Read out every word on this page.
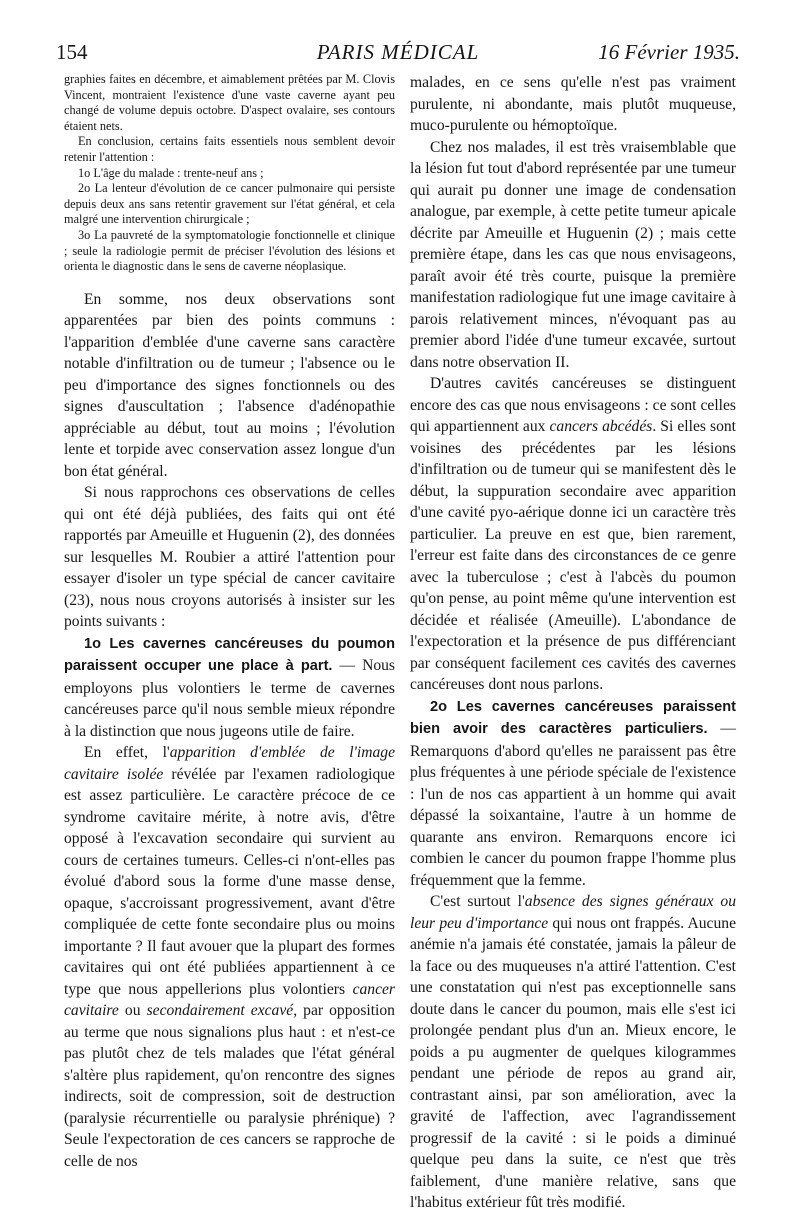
154	PARIS MÉDICAL	16 Février 1935.

graphies faites en décembre, et aimablement prêtées par M. Clovis Vincent, montraient l'existence d'une vaste caverne ayant peu changé de volume depuis octobre. D'aspect ovalaire, ses contours étaient nets.

En conclusion, certains faits essentiels nous semblent devoir retenir l'attention :

1o L'âge du malade : trente-neuf ans ;

2o La lenteur d'évolution de ce cancer pulmonaire qui persiste depuis deux ans sans retentir gravement sur l'état général, et cela malgré une intervention chirurgicale ;

3o La pauvreté de la symptomatologie fonctionnelle et clinique ; seule la radiologie permit de préciser l'évolution des lésions et orienta le diagnostic dans le sens de caverne néoplasique.

En somme, nos deux observations sont apparentées par bien des points communs : l'apparition d'emblée d'une caverne sans caractère notable d'infiltration ou de tumeur ; l'absence ou le peu d'importance des signes fonctionnels ou des signes d'auscultation ; l'absence d'adénopathie appréciable au début, tout au moins ; l'évolution lente et torpide avec conservation assez longue d'un bon état général.

Si nous rapprochons ces observations de celles qui ont été déjà publiées, des faits qui ont été rapportés par Ameuille et Huguenin (2), des données sur lesquelles M. Roubier a attiré l'attention pour essayer d'isoler un type spécial de cancer cavitaire (23), nous nous croyons autorisés à insister sur les points suivants :

1o Les cavernes cancéreuses du poumon paraissent occuper une place à part. — Nous employons plus volontiers le terme de cavernes cancéreuses parce qu'il nous semble mieux répondre à la distinction que nous jugeons utile de faire.

En effet, l'apparition d'emblée de l'image cavitaire isolée révélée par l'examen radiologique est assez particulière. Le caractère précoce de ce syndrome cavitaire mérite, à notre avis, d'être opposé à l'excavation secondaire qui survient au cours de certaines tumeurs. Celles-ci n'ont-elles pas évolué d'abord sous la forme d'une masse dense, opaque, s'accroissant progressivement, avant d'être compliquée de cette fonte secondaire plus ou moins importante ? Il faut avouer que la plupart des formes cavitaires qui ont été publiées appartiennent à ce type que nous appellerions plus volontiers cancer cavitaire ou secondairement excavé, par opposition au terme que nous signalions plus haut : et n'est-ce pas plutôt chez de tels malades que l'état général s'altère plus rapidement, qu'on rencontre des signes indirects, soit de compression, soit de destruction (paralysie récurrentielle ou paralysie phrénique) ? Seule l'expectoration de ces cancers se rapproche de celle de nos

malades, en ce sens qu'elle n'est pas vraiment purulente, ni abondante, mais plutôt muqueuse, muco-purulente ou hémoptoïque.

Chez nos malades, il est très vraisemblable que la lésion fut tout d'abord représentée par une tumeur qui aurait pu donner une image de condensation analogue, par exemple, à cette petite tumeur apicale décrite par Ameuille et Huguenin (2) ; mais cette première étape, dans les cas que nous envisageons, paraît avoir été très courte, puisque la première manifestation radiologique fut une image cavitaire à parois relativement minces, n'évoquant pas au premier abord l'idée d'une tumeur excavée, surtout dans notre observation II.

D'autres cavités cancéreuses se distinguent encore des cas que nous envisageons : ce sont celles qui appartiennent aux cancers abcédés. Si elles sont voisines des précédentes par les lésions d'infiltration ou de tumeur qui se manifestent dès le début, la suppuration secondaire avec apparition d'une cavité pyo-aérique donne ici un caractère très particulier. La preuve en est que, bien rarement, l'erreur est faite dans des circonstances de ce genre avec la tuberculose ; c'est à l'abcès du poumon qu'on pense, au point même qu'une intervention est décidée et réalisée (Ameuille). L'abondance de l'expectoration et la présence de pus différenciant par conséquent facilement ces cavités des cavernes cancéreuses dont nous parlons.

2o Les cavernes cancéreuses paraissent bien avoir des caractères particuliers. — Remarquons d'abord qu'elles ne paraissent pas être plus fréquentes à une période spéciale de l'existence : l'un de nos cas appartient à un homme qui avait dépassé la soixantaine, l'autre à un homme de quarante ans environ. Remarquons encore ici combien le cancer du poumon frappe l'homme plus fréquemment que la femme.

C'est surtout l'absence des signes généraux ou leur peu d'importance qui nous ont frappés. Aucune anémie n'a jamais été constatée, jamais la pâleur de la face ou des muqueuses n'a attiré l'attention. C'est une constatation qui n'est pas exceptionnelle sans doute dans le cancer du poumon, mais elle s'est ici prolongée pendant plus d'un an. Mieux encore, le poids a pu augmenter de quelques kilogrammes pendant une période de repos au grand air, contrastant ainsi, par son amélioration, avec la gravité de l'affection, avec l'agrandissement progressif de la cavité : si le poids a diminué quelque peu dans la suite, ce n'est que très faiblement, d'une manière relative, sans que l'habitus extérieur fût très modifié.
